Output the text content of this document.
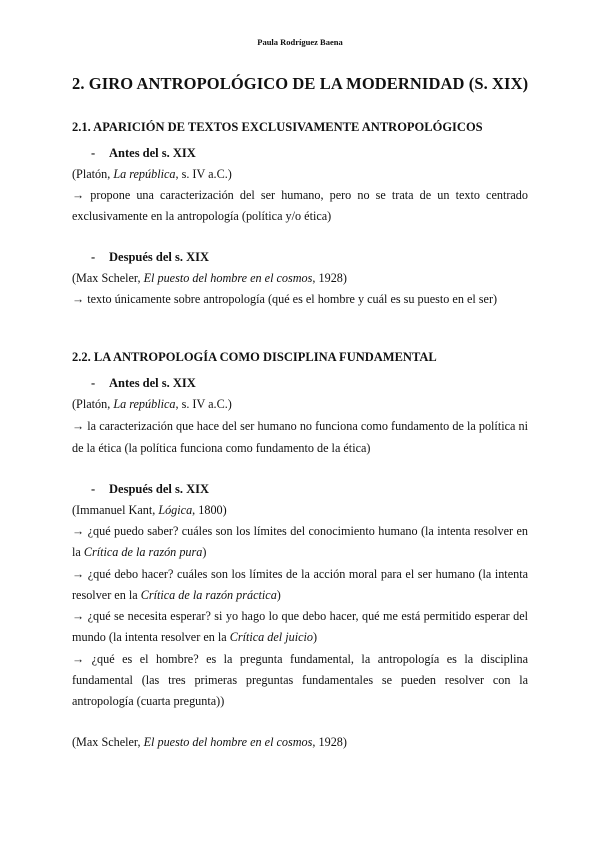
Paula Rodríguez Baena
2. GIRO ANTROPOLÓGICO DE LA MODERNIDAD (S. XIX)
2.1. APARICIÓN DE TEXTOS EXCLUSIVAMENTE ANTROPOLÓGICOS
- Antes del s. XIX
(Platón, La república, s. IV a.C.)
→ propone una caracterización del ser humano, pero no se trata de un texto centrado
exclusivamente en la antropología (política y/o ética)
- Después del s. XIX
(Max Scheler, El puesto del hombre en el cosmos, 1928)
→ texto únicamente sobre antropología (qué es el hombre y cuál es su puesto en el ser)
2.2. LA ANTROPOLOGÍA COMO DISCIPLINA FUNDAMENTAL
- Antes del s. XIX
(Platón, La república, s. IV a.C.)
→ la caracterización que hace del ser humano no funciona como fundamento de la política ni
de la ética (la política funciona como fundamento de la ética)
- Después del s. XIX
(Immanuel Kant, Lógica, 1800)
→ ¿qué puedo saber? cuáles son los límites del conocimiento humano (la intenta resolver en
la Crítica de la razón pura)
→ ¿qué debo hacer? cuáles son los límites de la acción moral para el ser humano (la intenta
resolver en la Crítica de la razón práctica)
→ ¿qué se necesita esperar? si yo hago lo que debo hacer, qué me está permitido esperar del
mundo (la intenta resolver en la Crítica del juicio)
→ ¿qué es el hombre? es la pregunta fundamental, la antropología es la disciplina
fundamental (las tres primeras preguntas fundamentales se pueden resolver con la
antropología (cuarta pregunta))
(Max Scheler, El puesto del hombre en el cosmos, 1928)
